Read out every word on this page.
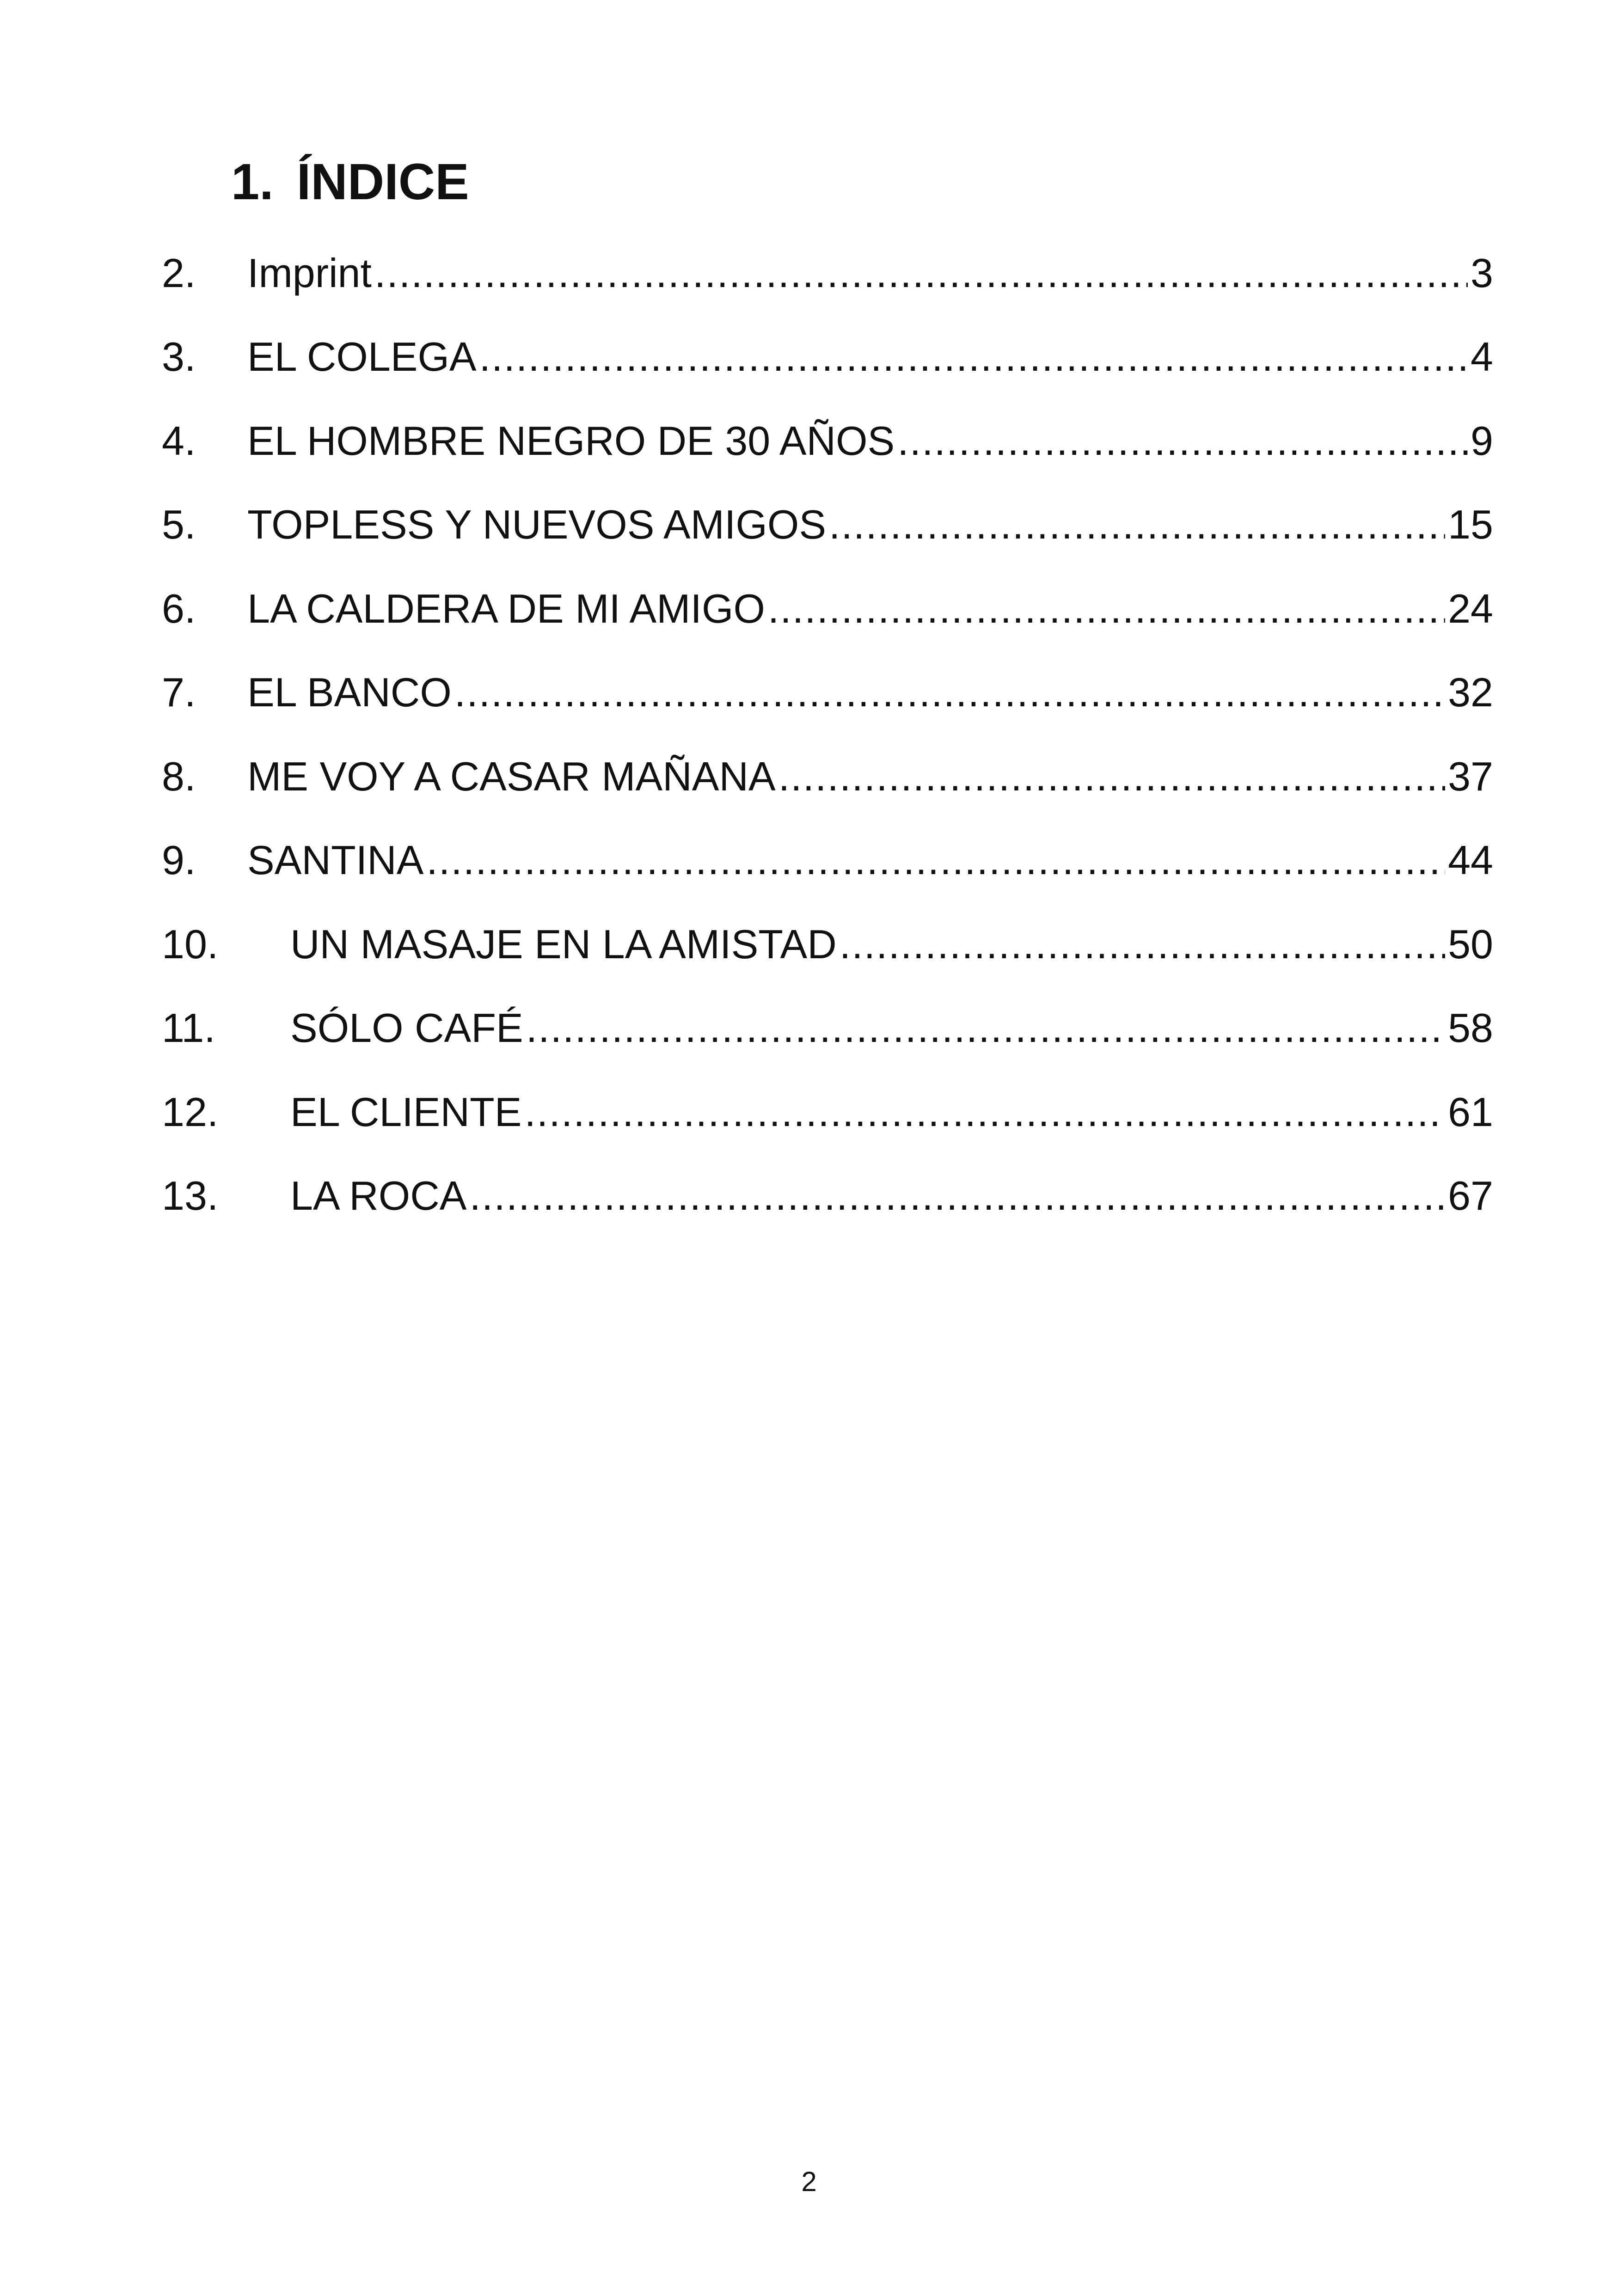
1. ÍNDICE
2.	Imprint .....	3
3.	EL COLEGA .....	4
4.	EL HOMBRE NEGRO DE 30 AÑOS .....	9
5.	TOPLESS Y NUEVOS AMIGOS .....	15
6.	LA CALDERA DE MI AMIGO .....	24
7.	EL BANCO .....	32
8.	ME VOY A CASAR MAÑANA .....	37
9.	SANTINA .....	44
10.	UN MASAJE EN LA AMISTAD .....	50
11.	SÓLO CAFÉ .....	58
12.	EL CLIENTE .....	61
13.	LA ROCA .....	67
2
